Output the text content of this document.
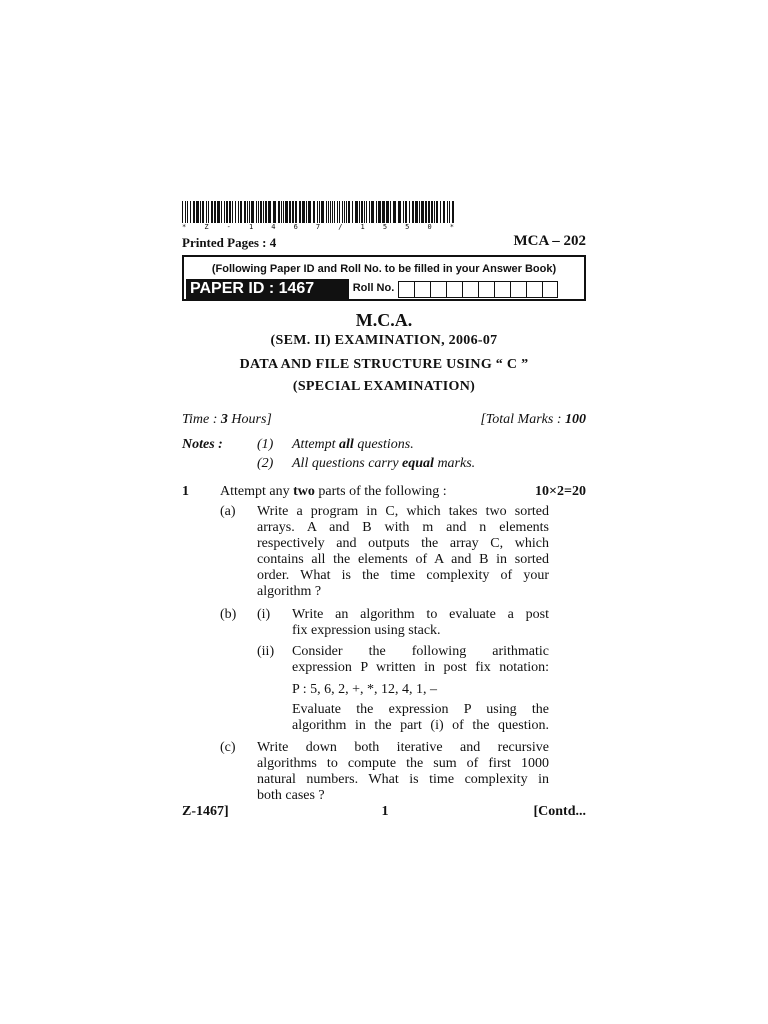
*	Z	-	1	4	6	7	/	1	5	5	0	*
Printed Pages : 4	MCA – 202
(Following Paper ID and Roll No. to be filled in your Answer Book)
PAPER ID : 1467	Roll No.
M.C.A.
(SEM. II) EXAMINATION, 2006-07
DATA AND FILE STRUCTURE USING “ C ”
(SPECIAL EXAMINATION)
Time : 3 Hours]	[Total Marks : 100
Notes : (1) Attempt all questions.
(2) All questions carry equal marks.
1 Attempt any two parts of the following :	10×2=20
(a) Write a program in C, which takes two sorted
arrays. A and B with m and n elements
respectively and outputs the array C, which
contains all the elements of A and B in sorted
order. What is the time complexity of your
algorithm ?
(b) (i) Write an algorithm to evaluate a post
fix expression using stack.
(ii) Consider the following arithmatic
expression P written in post fix notation:
P : 5, 6, 2, +, *, 12, 4, 1, –
Evaluate the expression P using the
algorithm in the part (i) of the question.
(c) Write down both iterative and recursive
algorithms to compute the sum of first 1000
natural numbers. What is time complexity in
both cases ?
Z-1467]	1	[Contd...
